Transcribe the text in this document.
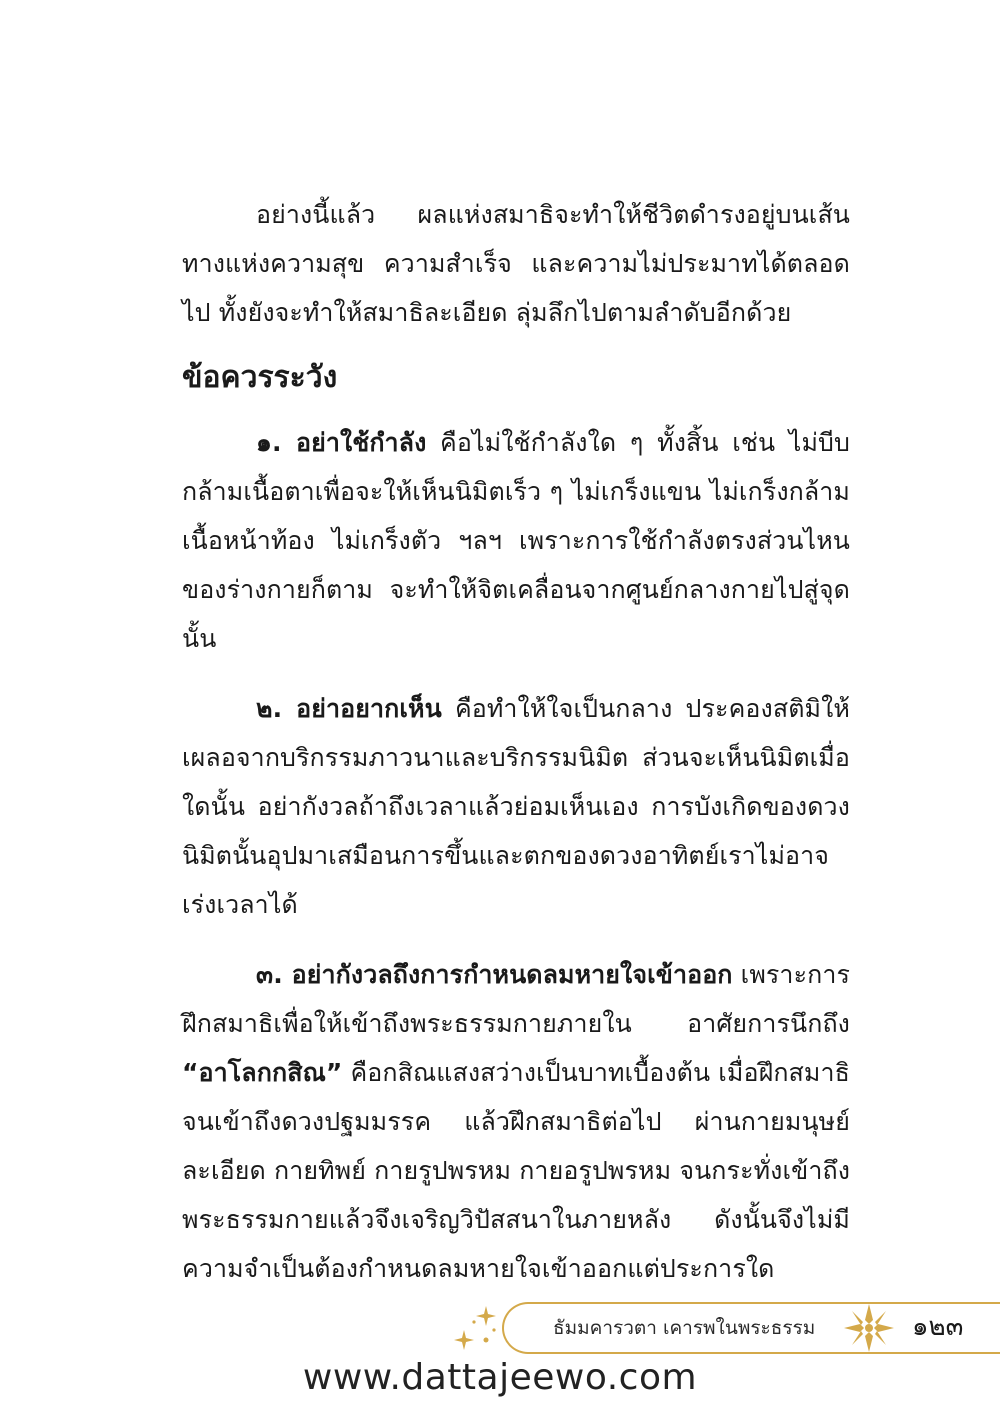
อย่างนี้แล้ว ผลแห่งสมาธิจะทำให้ชีวิตดำรงอยู่บนเส้นทางแห่งความสุข ความสำเร็จ และความไม่ประมาทได้ตลอดไป ทั้งยังจะทำให้สมาธิละเอียด ลุ่มลึกไปตามลำดับอีกด้วย

ข้อควรระวัง

๑. อย่าใช้กำลัง คือไม่ใช้กำลังใด ๆ ทั้งสิ้น เช่น ไม่บีบกล้ามเนื้อตาเพื่อจะให้เห็นนิมิตเร็ว ๆ ไม่เกร็งแขน ไม่เกร็งกล้ามเนื้อหน้าท้อง ไม่เกร็งตัว ฯลฯ เพราะการใช้กำลังตรงส่วนไหนของร่างกายก็ตาม จะทำให้จิตเคลื่อนจากศูนย์กลางกายไปสู่จุดนั้น

๒. อย่าอยากเห็น คือทำให้ใจเป็นกลาง ประคองสติมิให้เผลอจากบริกรรมภาวนาและบริกรรมนิมิต ส่วนจะเห็นนิมิตเมื่อใดนั้น อย่ากังวลถ้าถึงเวลาแล้วย่อมเห็นเอง การบังเกิดของดวงนิมิตนั้นอุปมาเสมือนการขึ้นและตกของดวงอาทิตย์เราไม่อาจเร่งเวลาได้

๓. อย่ากังวลถึงการกำหนดลมหายใจเข้าออก เพราะการฝึกสมาธิเพื่อให้เข้าถึงพระธรรมกายภายใน อาศัยการนึกถึง “อาโลกกสิณ” คือกสิณแสงสว่างเป็นบาทเบื้องต้น เมื่อฝึกสมาธิจนเข้าถึงดวงปฐมมรรค แล้วฝึกสมาธิต่อไป ผ่านกายมนุษย์ละเอียด กายทิพย์ กายรูปพรหม กายอรูปพรหม จนกระทั่งเข้าถึงพระธรรมกายแล้วจึงเจริญวิปัสสนาในภายหลัง ดังนั้นจึงไม่มีความจำเป็นต้องกำหนดลมหายใจเข้าออกแต่ประการใด

ธัมมคารวตา เคารพในพระธรรม	๑๒๓
www.dattajeewo.com
